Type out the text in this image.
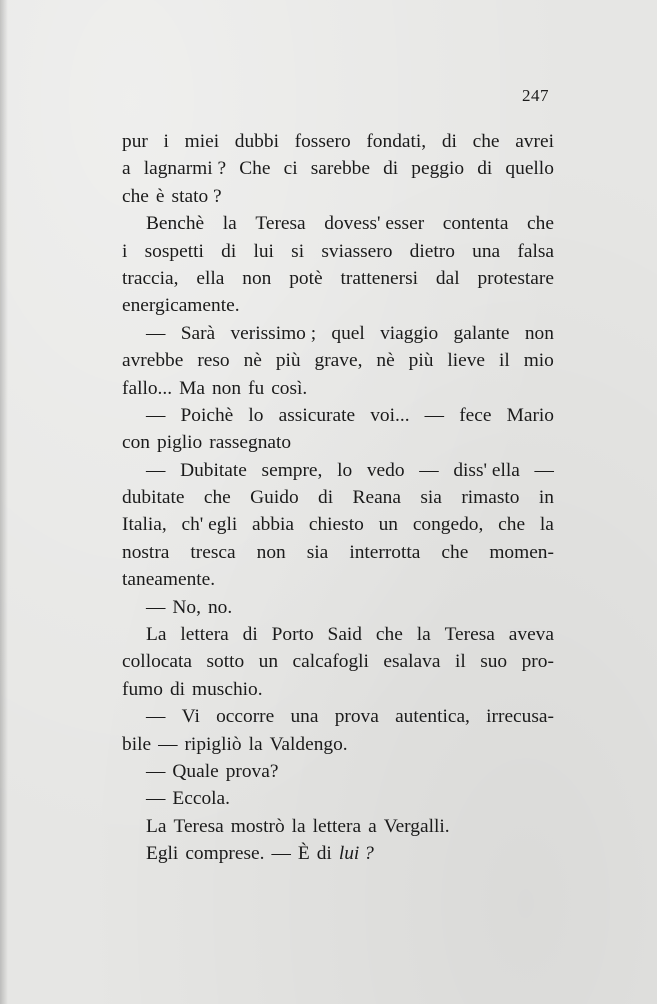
247
pur i miei dubbi fossero fondati, di che avrei
a lagnarmi ? Che ci sarebbe di peggio di quello
che è stato ?
Benchè la Teresa dovess' esser contenta che
i sospetti di lui si sviassero dietro una falsa
traccia, ella non potè trattenersi dal protestare
energicamente.
— Sarà verissimo ; quel viaggio galante non
avrebbe reso nè più grave, nè più lieve il mio
fallo... Ma non fu così.
— Poichè lo assicurate voi... — fece Mario
con piglio rassegnato
— Dubitate sempre, lo vedo — diss' ella —
dubitate che Guido di Reana sia rimasto in
Italia, ch' egli abbia chiesto un congedo, che la
nostra tresca non sia interrotta che momen-
taneamente.
— No, no.
La lettera di Porto Said che la Teresa aveva
collocata sotto un calcafogli esalava il suo pro-
fumo di muschio.
— Vi occorre una prova autentica, irrecusa-
bile — ripigliò la Valdengo.
— Quale prova?
— Eccola.
La Teresa mostrò la lettera a Vergalli.
Egli comprese. — È di lui ?
